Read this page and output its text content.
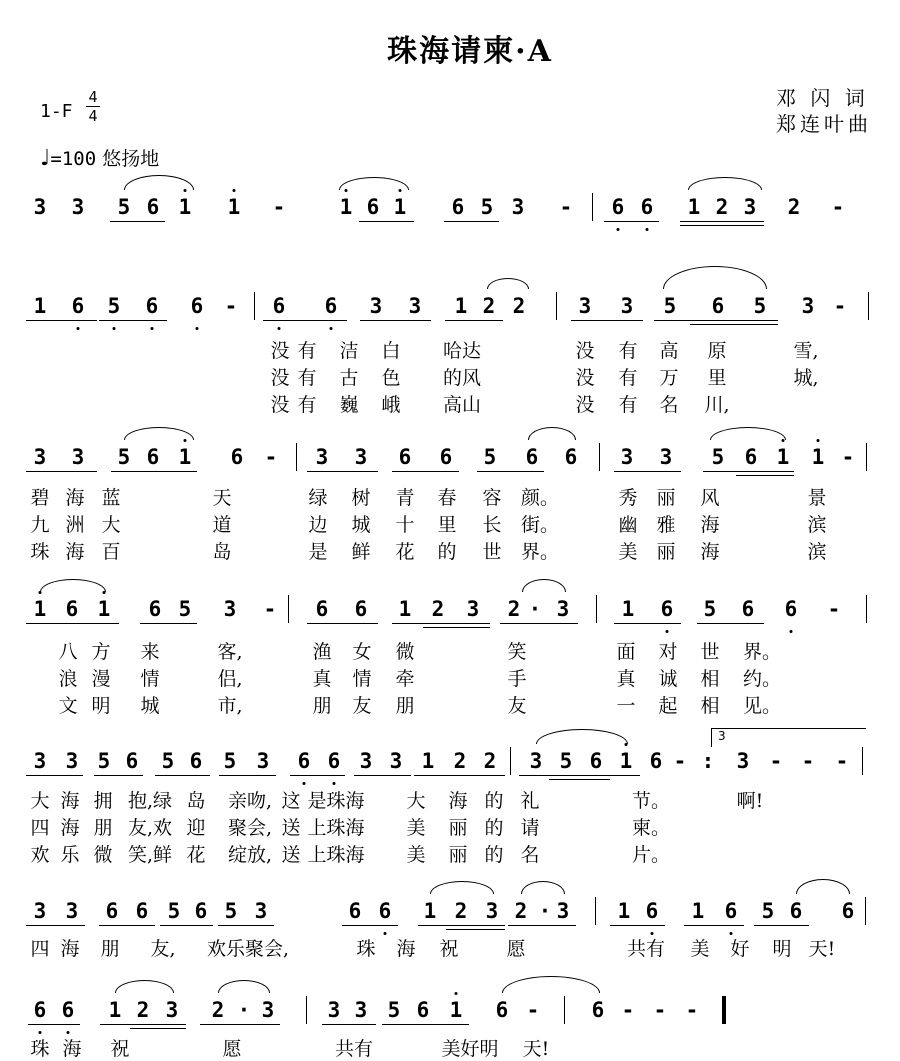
珠海请柬·A
邓 闪 词
郑连叶曲
$1-F \frac{4}{4}$
♩=100 悠扬地
3 3 5 6 1 1 -	1 6 1 6 5 3 - 6 6 1 2 3 2 -
1 6 5 6 6 - 6 6 3 3 1 2 2	3 3 5 6 5 3 -
3 3 5 6 1 6 - 3 3 6 6 5 6 6 3 3 5 6 1 1 -
1 6 1 6 5 3 - 6 6 1 2 3 2 · 3 1 6 5 6 6 -
3 3 5 6 5 6 5 3 6 6 3 3 1 2 2 3 5 6 1 6 - : 3 - - -
3
3 3 6 6 5 6 5 3	6 6 1 2 3 2 · 3 1 6 1 6 5 6 6
6 6 1 2 3 2 · 3	3 3 5 6 1 6 - 6 - - -
没 有 洁 白 哈达	没 有 高 原	雪,
没 有 古 色 的风	没 有 万 里	城,
没 有 巍 峨 高山	没 有 名 川,
碧 海 蓝	天	绿 树 青 春 容 颜。	秀 丽 风	景
九 洲 大	道	边 城 十 里 长 街。	幽 雅 海	滨
珠 海 百	岛	是 鲜 花 的 世 界。	美 丽 海	滨
八 方 来	客,	渔 女 微	笑	面 对 世 界。
浪 漫 情	侣,	真 情 牵	手	真 诚 相 约。
文 明 城	市,	朋 友 朋	友	一 起 相 见。
大 海 拥 抱,绿 岛 亲吻, 这 是珠海 大 海 的 礼	节。	啊!
四 海 朋 友,欢 迎 聚会, 送 上珠海 美 丽 的 请	柬。
欢 乐 微 笑,鲜 花 绽放, 送 上珠海 美 丽 的 名	片。
四 海 朋 友, 欢乐聚会,	珠 海 祝	愿	共有 美 好 明 天!
珠 海 祝	愿	共有	美好明 天!
